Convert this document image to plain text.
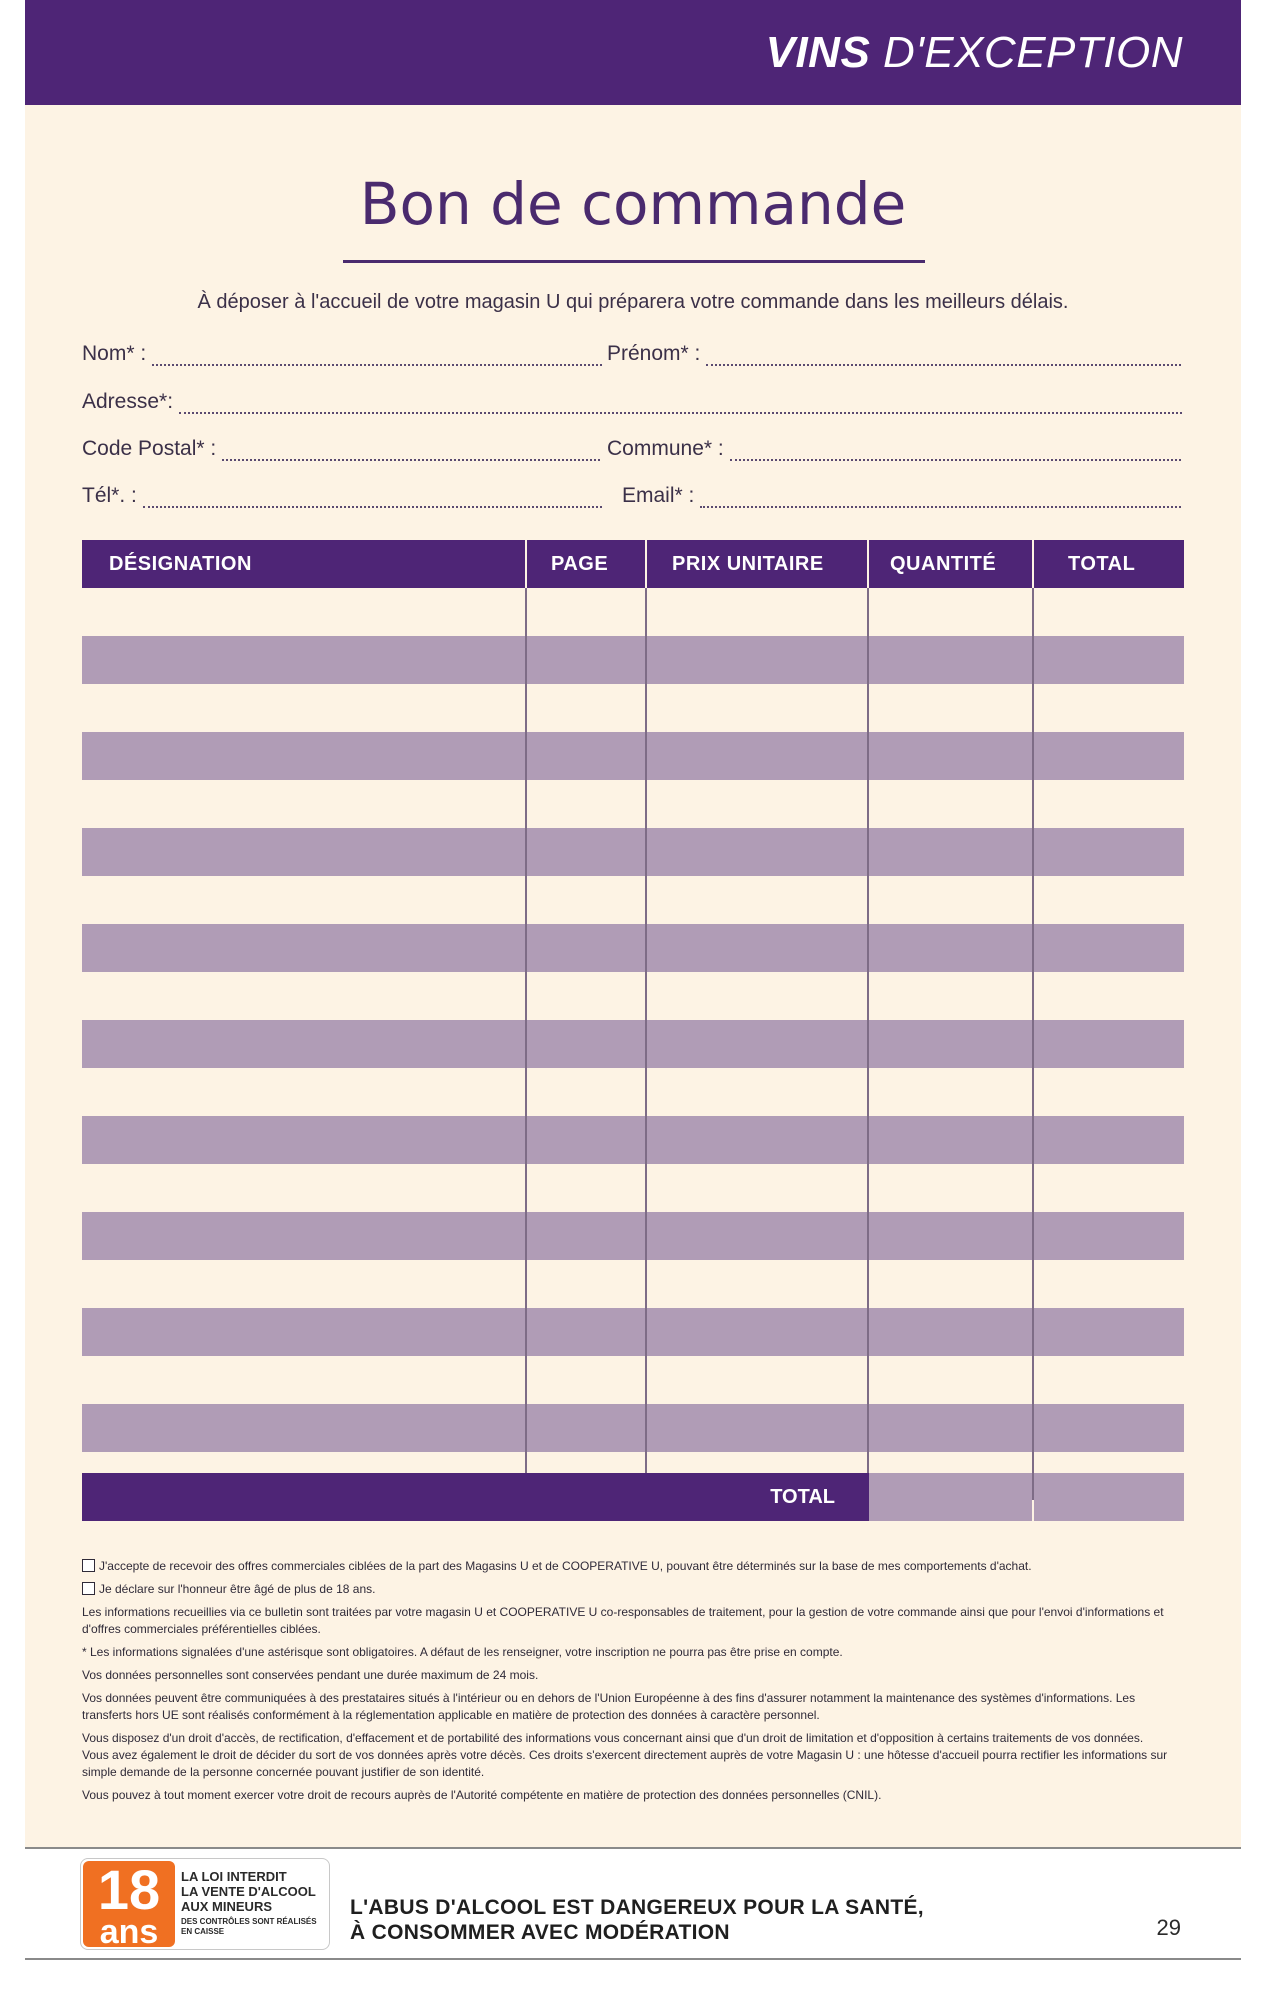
VINS D'EXCEPTION
Bon de commande
À déposer à l'accueil de votre magasin U qui préparera votre commande dans les meilleurs délais.
Nom* :	Prénom* :
Adresse*:
Code Postal* :	Commune* :
Tél*. :	Email* :
DÉSIGNATION	PAGE	PRIX UNITAIRE	QUANTITÉ	TOTAL
TOTAL

J'accepte de recevoir des offres commerciales ciblées de la part des Magasins U et de COOPERATIVE U, pouvant être déterminés sur la base de mes comportements d'achat.

Je déclare sur l'honneur être âgé de plus de 18 ans.

Les informations recueillies via ce bulletin sont traitées par votre magasin U et COOPERATIVE U co-responsables de traitement, pour la gestion de votre commande ainsi que pour l'envoi d'informations et d'offres commerciales préférentielles ciblées.

* Les informations signalées d'une astérisque sont obligatoires. A défaut de les renseigner, votre inscription ne pourra pas être prise en compte.

Vos données personnelles sont conservées pendant une durée maximum de 24 mois.

Vos données peuvent être communiquées à des prestataires situés à l'intérieur ou en dehors de l'Union Européenne à des fins d'assurer notamment la maintenance des systèmes d'informations. Les transferts hors UE sont réalisés conformément à la réglementation applicable en matière de protection des données à caractère personnel.

Vous disposez d'un droit d'accès, de rectification, d'effacement et de portabilité des informations vous concernant ainsi que d'un droit de limitation et d'opposition à certains traitements de vos données. Vous avez également le droit de décider du sort de vos données après votre décès. Ces droits s'exercent directement auprès de votre Magasin U : une hôtesse d'accueil pourra rectifier les informations sur simple demande de la personne concernée pouvant justifier de son identité.

Vous pouvez à tout moment exercer votre droit de recours auprès de l'Autorité compétente en matière de protection des données personnelles (CNIL).

18
ans
LA LOI INTERDIT
LA VENTE D'ALCOOL
AUX MINEURS
DES CONTRÔLES SONT RÉALISÉS EN CAISSE
L'ABUS D'ALCOOL EST DANGEREUX POUR LA SANTÉ,
À CONSOMMER AVEC MODÉRATION	29
